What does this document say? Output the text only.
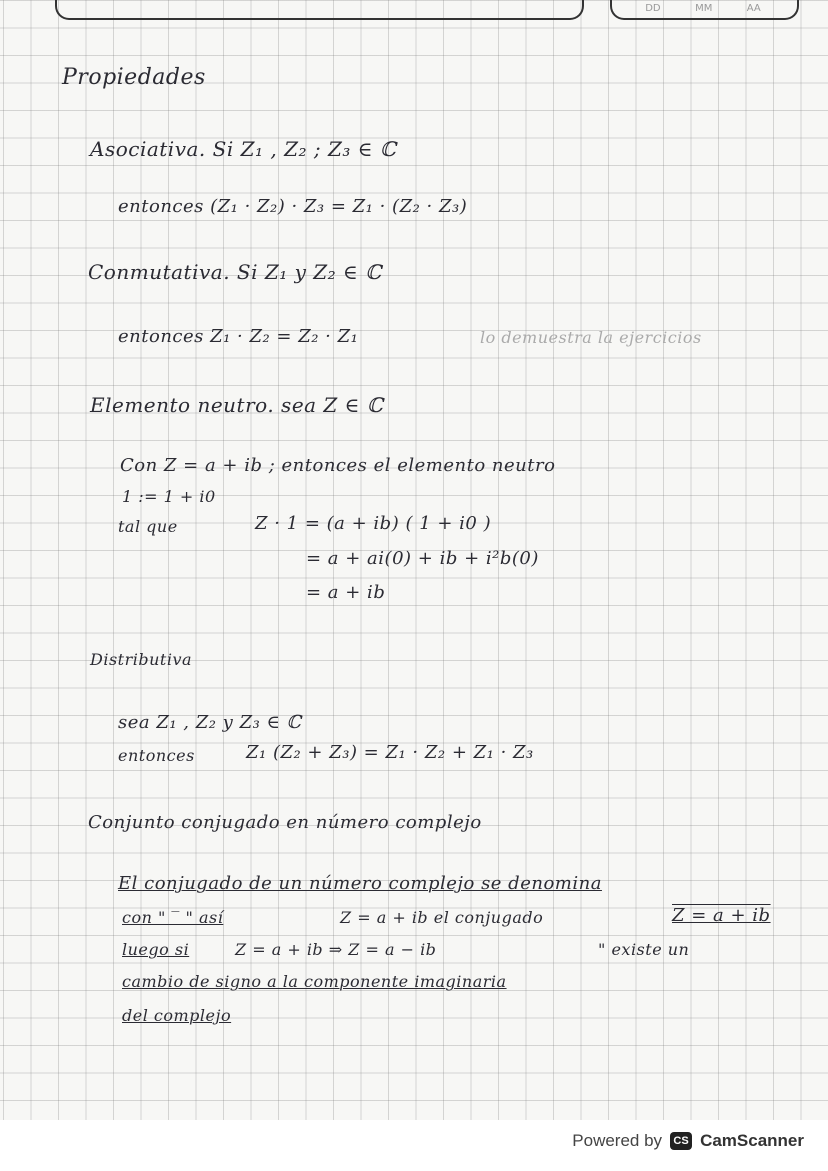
DD	MM	AA
Propiedades
Asociativa. Si Z₁ , Z₂ ; Z₃ ∈ ℂ
entonces (Z₁ · Z₂) · Z₃ = Z₁ · (Z₂ · Z₃)
Conmutativa. Si Z₁ y Z₂ ∈ ℂ
entonces Z₁ · Z₂ = Z₂ · Z₁	lo demuestra la ejercicios
Elemento neutro. sea Z ∈ ℂ
Con Z = a + ib ; entonces el elemento neutro
1 := 1 + i0
tal que	Z · 1 = (a + ib) ( 1 + i0 )
= a + ai(0) + ib + i²b(0)
= a + ib
Distributiva
sea Z₁ , Z₂ y Z₃ ∈ ℂ
entonces	Z₁ (Z₂ + Z₃) = Z₁ · Z₂ + Z₁ · Z₃
Conjunto conjugado en número complejo
El conjugado de un número complejo se denomina
con " ‾ " así	Z = a + ib el conjugado	Z = a + ib
luego si	Z = a + ib ⇒ Z = a − ib	" existe un
cambio de signo a la componente imaginaria
del complejo
Powered by	CS CamScanner
